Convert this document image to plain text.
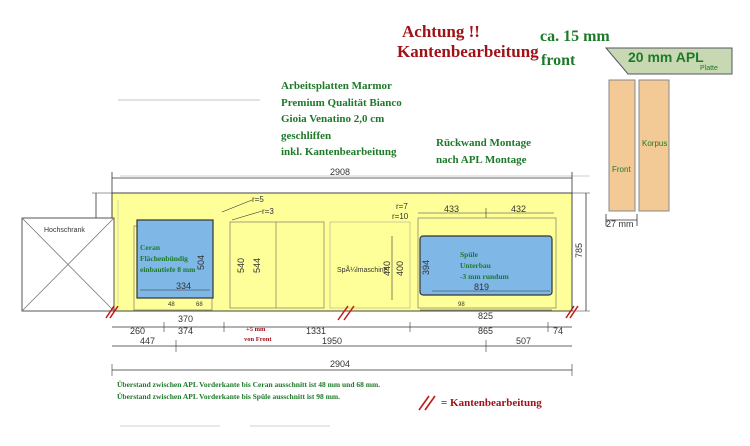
Achtung !!
Kantenbearbeitung
ca. 15 mm
front
Arbeitsplatten Marmor
Premium Qualität Bianco
Gioia Venatino 2,0 cm
geschliffen
inkl. Kantenbearbeitung
Rückwand Montage
nach APL Montage
20 mm APL
Platte
Front
Korpus
27 mm
2908
785
Hochschrank
r=5
r=3
r=7
r=10
Ceran
Flächenbündig
einbautiefe 8 mm 504
334
48	68
540 544	SpÃ¼lmaschine
440 400
433	432
394
Spüle
Unterbau
-3 mm rundum
819
98
825
260
370
374	1331	865	74
+5 mm
von Front
447	1950	507
2904
Überstand zwischen APL Vorderkante bis Ceran ausschnitt ist 48 mm und 68 mm.
Überstand zwischen APL Vorderkante bis Spüle ausschnitt ist 98 mm.
= Kantenbearbeitung
